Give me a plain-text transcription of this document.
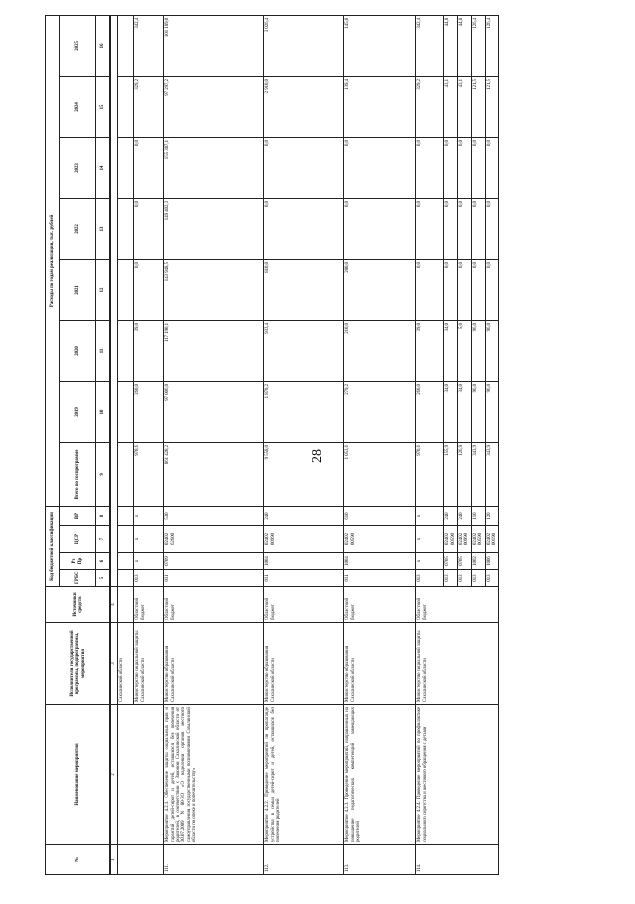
28
№	Наименование мероприятия	Исполнители государственной программы, подпрограммы, мероприятия	Источники средств	Код бюджетной классификации				Расходы по годам реализации, тыс. рублей							
				ГРБС	Рз Пр	ЦСР	ВР	Всего по госпрограмме	2019	2020	2021	2022	2023	2024	2025
				5	6	7	8	9	10	11	12	13	14	15	16
1	2	3	4												
		Сахалинской области													
		Министерство социальной защиты Сахалинской области	Областной бюджет	013	x	x	x	970,6	260,0	39,0	0,0	0,0	0,0	329,2	342,4
111.	Мероприятие 4.2.1. Обеспечение защиты социальных прав и гарантий детей-сирот и детей, оставшихся без попечения родителей, в соответствии с Законом Сахалинской области от 30.07.2009 N 80-ЗО «О наделении органов местного самоуправления государственными полномочиями Сахалинской области по опеке и попечительству»	Министерство образования Сахалинской области	Областной бюджет	011	0709	02402 62600	530	861 420,2	97 006,0	117 190,1	143 948,5	149 402,3	155 387,1	97 297,2	101 189,0
112.	Мероприятие 4.2.2. Проведение мероприятий по пропаганде устройства в семьи детей-сирот и детей, оставшихся без попечения родителей	Министерство образования Сахалинской области	Областной бюджет	011	1004	02402 00990	240	9 558,0	1 878,2	933,4	810,0	0,0	0,0	2 910,0	3 026,4
113.	Мероприятие 4.2.3. Проведение мероприятий, направленных на повышение педагогических компетенций замещающих родителей	Министерство образования Сахалинской области	Областной бюджет	011	1004	02402 00590	610	1 053,6	279,2	210,0	280,0	0,0	0,0	139,4	145,0
114.	Мероприятие 4.2.4. Проведение мероприятий по профилактике социального сиротства и жестокого обращения с детьми	Министерство социальной защиты Сахалинской области	Областной бюджет	013	x	x	x	970,6	260,0	39,0	0,0	0,0	0,0	329,2	342,4
				013	0705	02402 00590	240	155,9	34,0	34,0	0,0	0,0	0,0	43,1	44,8
				013	0705	02402 00990	240	126,9	34,0	5,0	0,0	0,0	0,0	43,1	44,8
				013	1002	02402 00590	110	343,9	96,0	96,0	0,0	0,0	0,0	121,5	126,4
				013	1006	02402 00190	120	343,9	96,0	96,0	0,0	0,0	0,0	121,5	126,4
